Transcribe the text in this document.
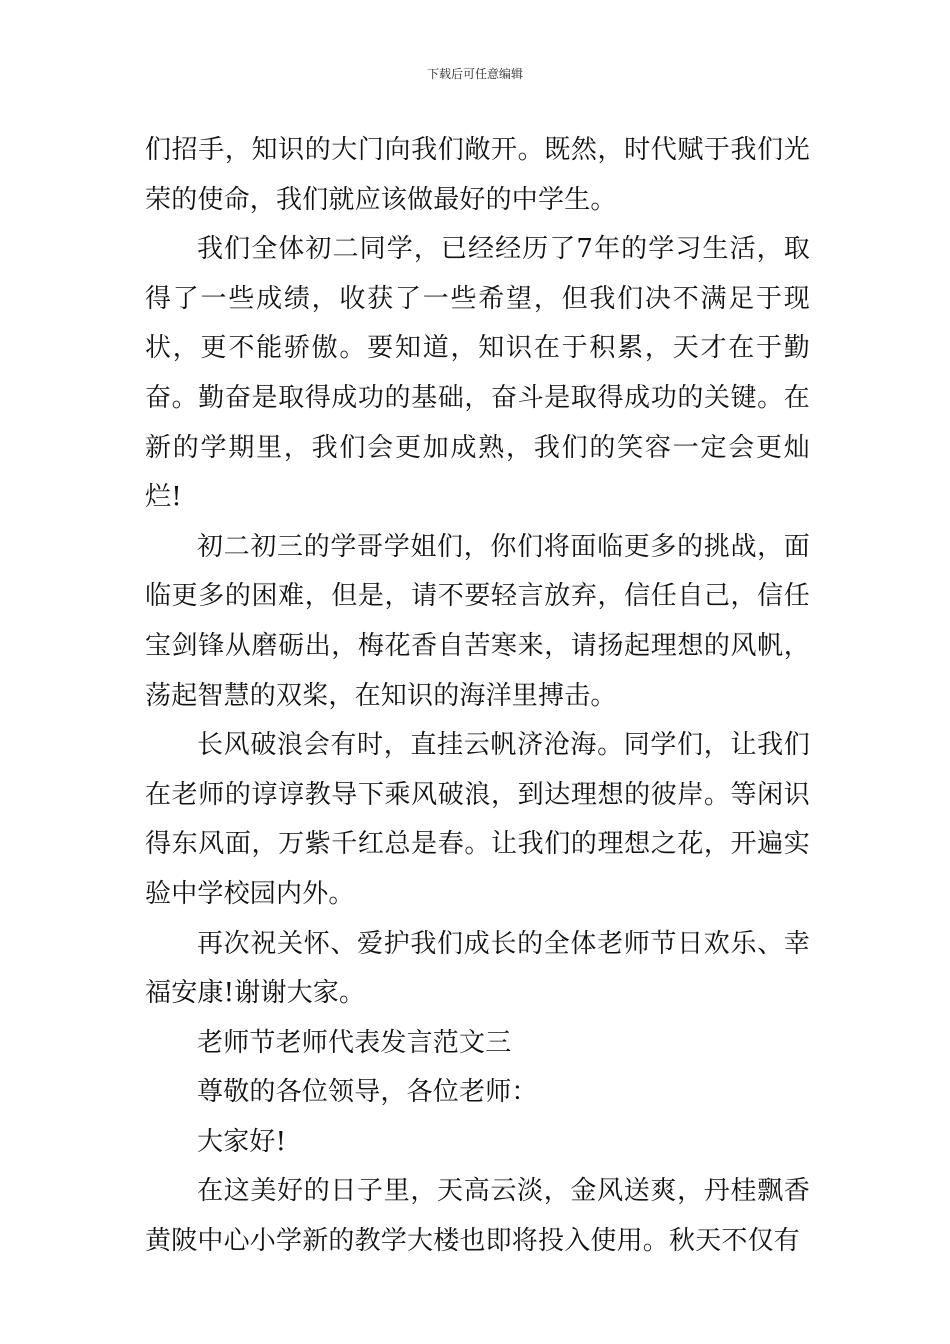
下载后可任意编辑

们招手，知识的大门向我们敞开。既然，时代赋于我们光荣的使命，我们就应该做最好的中学生。

我们全体初二同学，已经经历了7年的学习生活，取得了一些成绩，收获了一些希望，但我们决不满足于现状，更不能骄傲。要知道，知识在于积累，天才在于勤奋。勤奋是取得成功的基础，奋斗是取得成功的关键。在新的学期里，我们会更加成熟，我们的笑容一定会更灿烂!

初二初三的学哥学姐们，你们将面临更多的挑战，面临更多的困难，但是，请不要轻言放弃，信任自己，信任宝剑锋从磨砺出，梅花香自苦寒来，请扬起理想的风帆，荡起智慧的双桨，在知识的海洋里搏击。

长风破浪会有时，直挂云帆济沧海。同学们，让我们在老师的谆谆教导下乘风破浪，到达理想的彼岸。等闲识得东风面，万紫千红总是春。让我们的理想之花，开遍实验中学校园内外。

再次祝关怀、爱护我们成长的全体老师节日欢乐、幸福安康!谢谢大家。

老师节老师代表发言范文三

尊敬的各位领导，各位老师：

大家好!

在这美好的日子里，天高云淡，金风送爽，丹桂飘香黄陂中心小学新的教学大楼也即将投入使用。秋天不仅有
